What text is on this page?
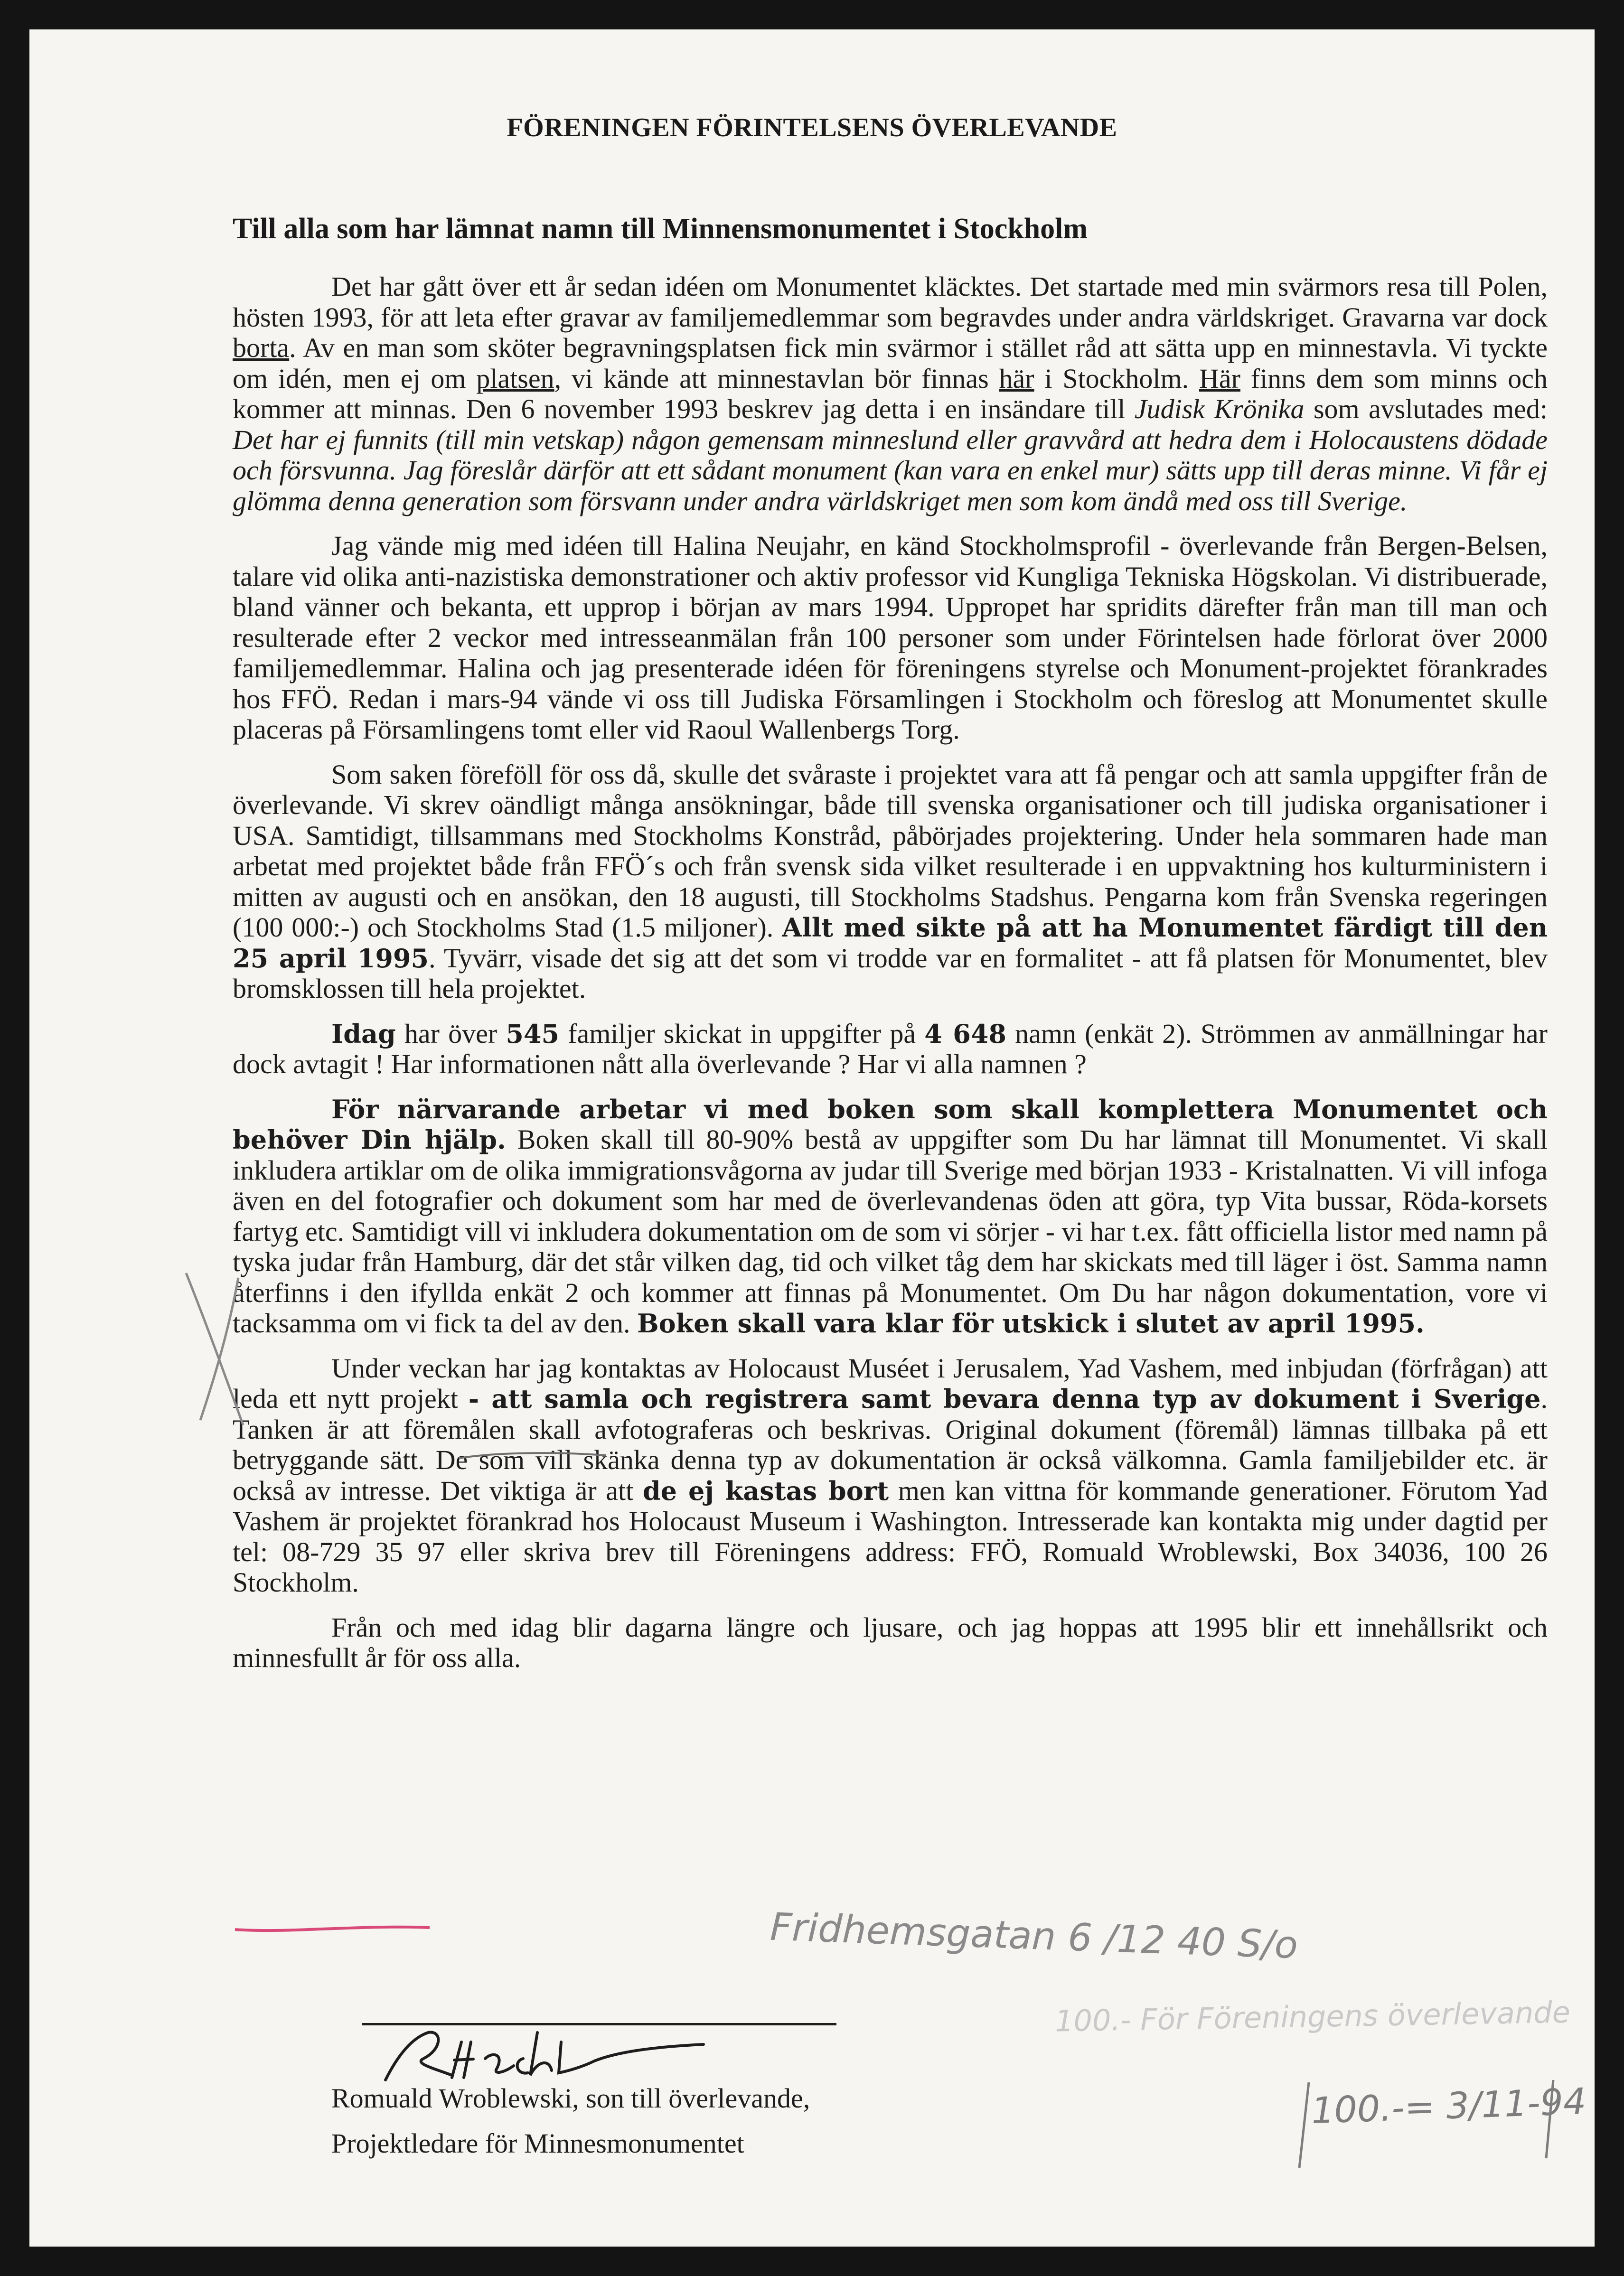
FÖRENINGEN FÖRINTELSENS ÖVERLEVANDE
Till alla som har lämnat namn till Minnensmonumentet i Stockholm

Det har gått över ett år sedan idéen om Monumentet kläcktes. Det startade med min svärmors resa till Polen, hösten 1993, för att leta efter gravar av familjemedlemmar som begravdes under andra världskriget. Gravarna var dock borta. Av en man som sköter begravningsplatsen fick min svärmor i stället råd att sätta upp en minnestavla. Vi tyckte om idén, men ej om platsen, vi kände att minnestavlan bör finnas här i Stockholm. Här finns dem som minns och kommer att minnas. Den 6 november 1993 beskrev jag detta i en insändare till Judisk Krönika som avslutades med: Det har ej funnits (till min vetskap) någon gemensam minneslund eller gravvård att hedra dem i Holocaustens dödade och försvunna. Jag föreslår därför att ett sådant monument (kan vara en enkel mur) sätts upp till deras minne. Vi får ej glömma denna generation som försvann under andra världskriget men som kom ändå med oss till Sverige.

Jag vände mig med idéen till Halina Neujahr, en känd Stockholmsprofil - överlevande från Bergen-Belsen, talare vid olika anti-nazistiska demonstrationer och aktiv professor vid Kungliga Tekniska Högskolan. Vi distribuerade, bland vänner och bekanta, ett upprop i början av mars 1994. Uppropet har spridits därefter från man till man och resulterade efter 2 veckor med intresseanmälan från 100 personer som under Förintelsen hade förlorat över 2000 familjemedlemmar. Halina och jag presenterade idéen för föreningens styrelse och Monument-projektet förankrades hos FFÖ. Redan i mars-94 vände vi oss till Judiska Församlingen i Stockholm och föreslog att Monumentet skulle placeras på Församlingens tomt eller vid Raoul Wallenbergs Torg.

Som saken föreföll för oss då, skulle det svåraste i projektet vara att få pengar och att samla uppgifter från de överlevande. Vi skrev oändligt många ansökningar, både till svenska organisationer och till judiska organisationer i USA. Samtidigt, tillsammans med Stockholms Konstråd, påbörjades projektering. Under hela sommaren hade man arbetat med projektet både från FFÖ´s och från svensk sida vilket resulterade i en uppvaktning hos kulturministern i mitten av augusti och en ansökan, den 18 augusti, till Stockholms Stadshus. Pengarna kom från Svenska regeringen (100 000:-) och Stockholms Stad (1.5 miljoner). Allt med sikte på att ha Monumentet färdigt till den 25 april 1995. Tyvärr, visade det sig att det som vi trodde var en formalitet - att få platsen för Monumentet, blev bromsklossen till hela projektet.

Idag har över 545 familjer skickat in uppgifter på 4 648 namn (enkät 2). Strömmen av anmällningar har dock avtagit ! Har informationen nått alla överlevande ? Har vi alla namnen ?

För närvarande arbetar vi med boken som skall komplettera Monumentet och behöver Din hjälp. Boken skall till 80-90% bestå av uppgifter som Du har lämnat till Monumentet. Vi skall inkludera artiklar om de olika immigrationsvågorna av judar till Sverige med början 1933 - Kristalnatten. Vi vill infoga även en del fotografier och dokument som har med de överlevandenas öden att göra, typ Vita bussar, Röda-korsets fartyg etc. Samtidigt vill vi inkludera dokumentation om de som vi sörjer - vi har t.ex. fått officiella listor med namn på tyska judar från Hamburg, där det står vilken dag, tid och vilket tåg dem har skickats med till läger i öst. Samma namn återfinns i den ifyllda enkät 2 och kommer att finnas på Monumentet. Om Du har någon dokumentation, vore vi tacksamma om vi fick ta del av den. Boken skall vara klar för utskick i slutet av april 1995.

Under veckan har jag kontaktas av Holocaust Muséet i Jerusalem, Yad Vashem, med inbjudan (förfrågan) att leda ett nytt projekt - att samla och registrera samt bevara denna typ av dokument i Sverige. Tanken är att föremålen skall avfotograferas och beskrivas. Original dokument (föremål) lämnas tillbaka på ett betryggande sätt. De som vill skänka denna typ av dokumentation är också välkomna. Gamla familjebilder etc. är också av intresse. Det viktiga är att de ej kastas bort men kan vittna för kommande generationer. Förutom Yad Vashem är projektet förankrad hos Holocaust Museum i Washington. Intresserade kan kontakta mig under dagtid per tel: 08-729 35 97 eller skriva brev till Föreningens address: FFÖ, Romuald Wroblewski, Box 34036, 100 26 Stockholm.

Från och med idag blir dagarna längre och ljusare, och jag hoppas att 1995 blir ett innehållsrikt och minnesfullt år för oss alla.

Fridhemsgatan 6 /12 40 S/o
100.- För Föreningens överlevande
100.-= 3/11-94
RWroblt
Romuald Wroblewski, son till överlevande,
Projektledare för Minnesmonumentet
